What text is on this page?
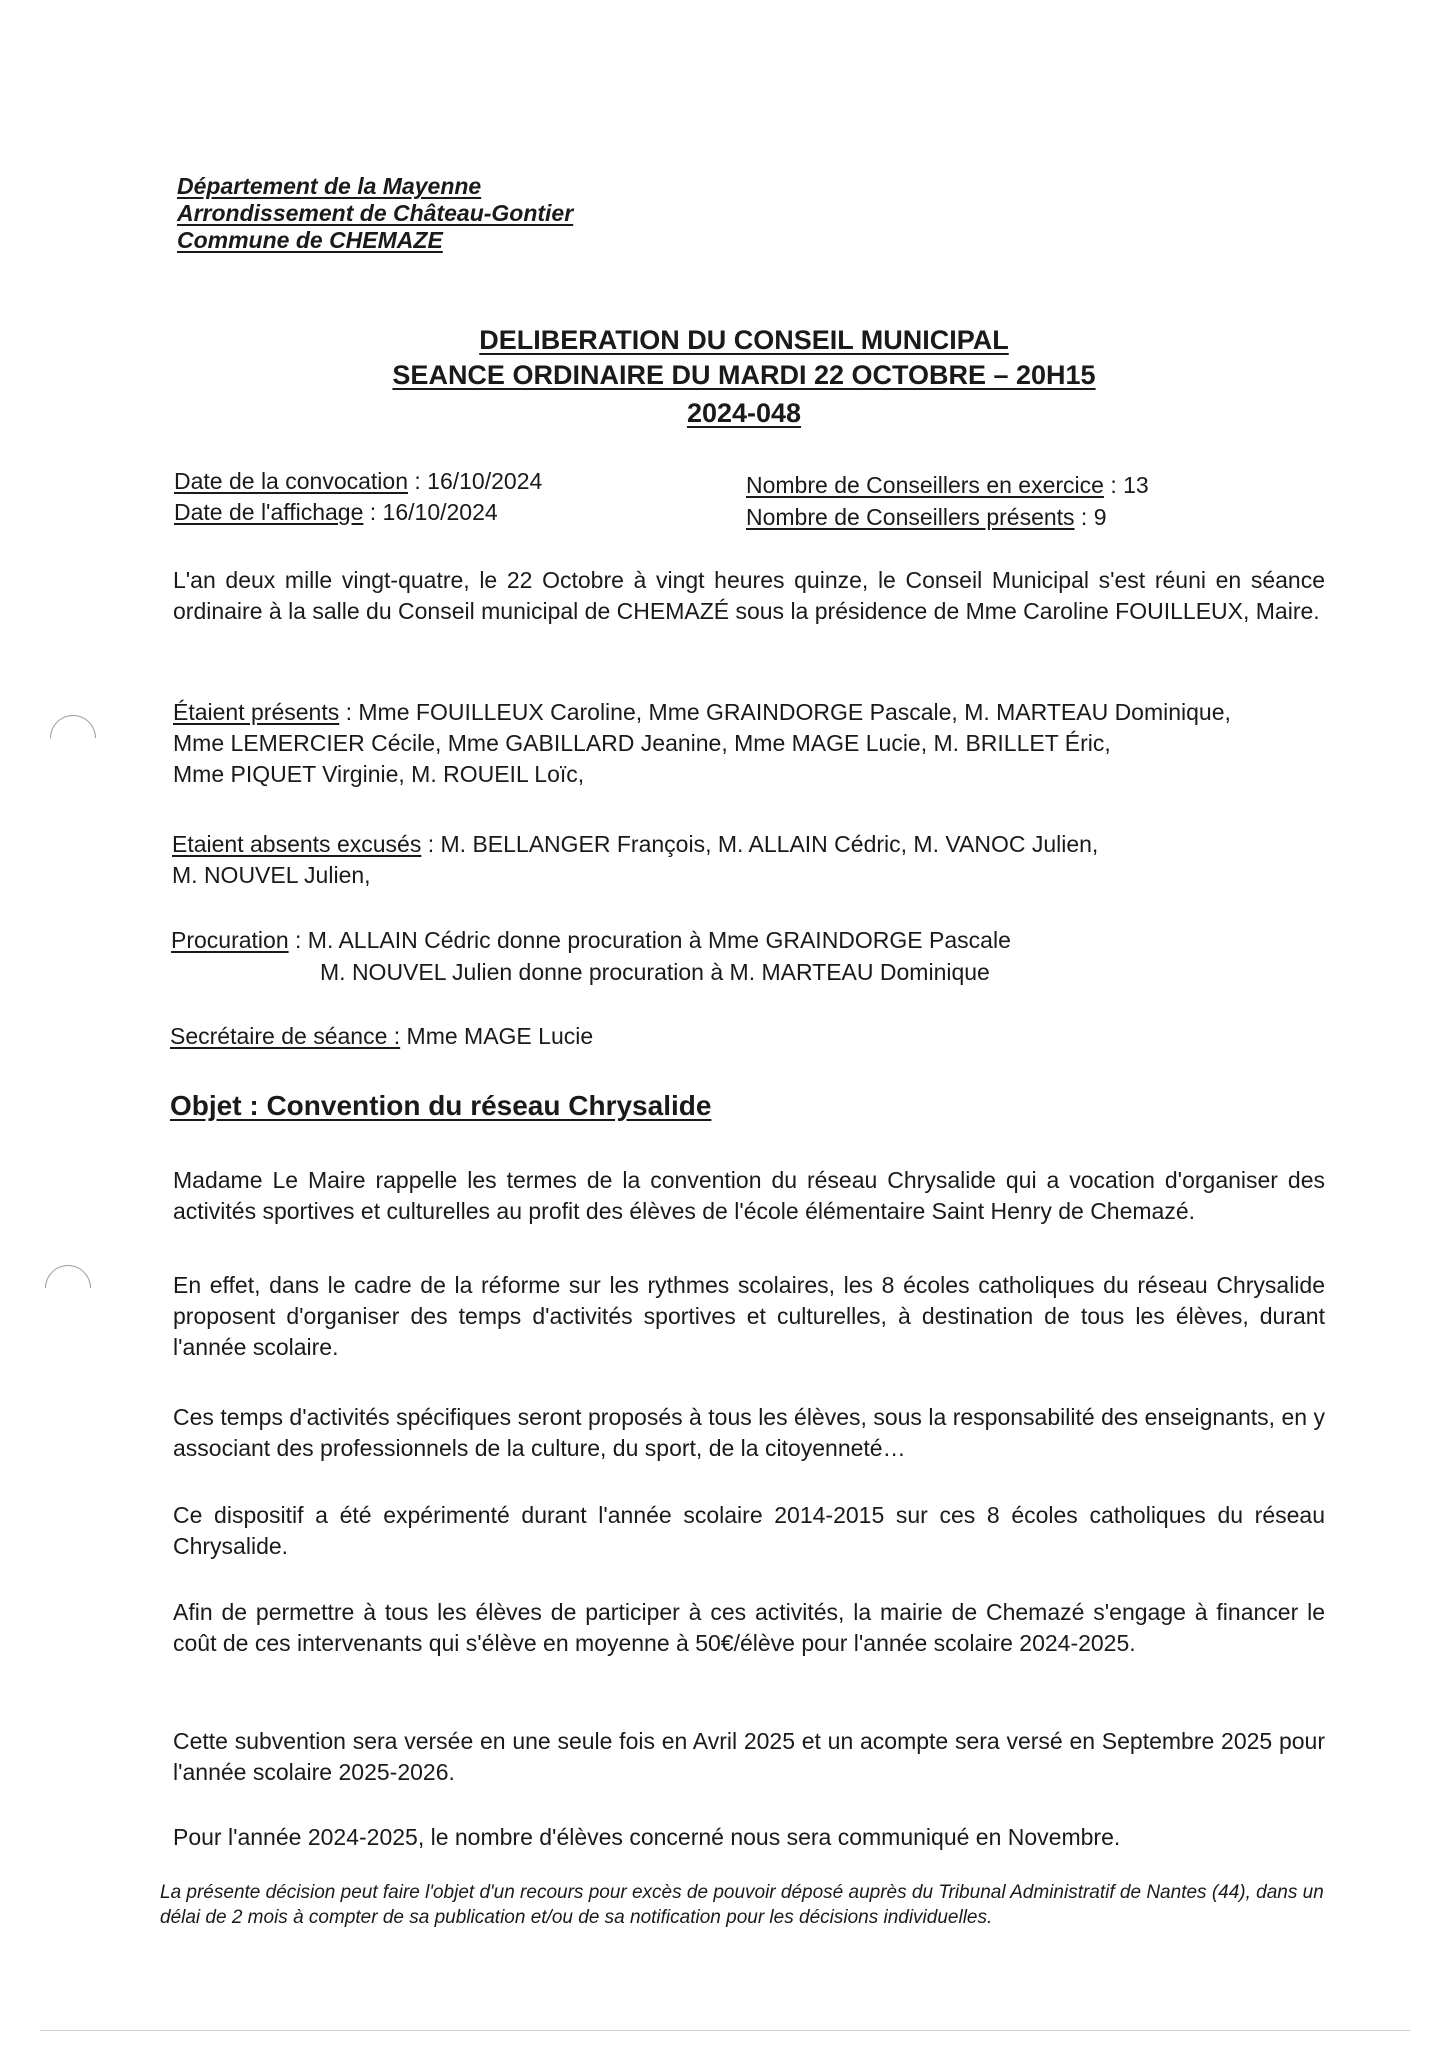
Département de la Mayenne
Arrondissement de Château-Gontier
Commune de CHEMAZE
DELIBERATION DU CONSEIL MUNICIPAL
SEANCE ORDINAIRE DU MARDI 22 OCTOBRE – 20H15
2024-048
Date de la convocation : 16/10/2024
Date de l'affichage : 16/10/2024
Nombre de Conseillers en exercice : 13
Nombre de Conseillers présents : 9
L'an deux mille vingt-quatre, le 22 Octobre à vingt heures quinze, le Conseil Municipal s'est réuni en séance ordinaire à la salle du Conseil municipal de CHEMAZÉ sous la présidence de Mme Caroline FOUILLEUX, Maire.
Étaient présents : Mme FOUILLEUX Caroline, Mme GRAINDORGE Pascale, M. MARTEAU Dominique,
Mme LEMERCIER Cécile, Mme GABILLARD Jeanine, Mme MAGE Lucie, M. BRILLET Éric,
Mme PIQUET Virginie, M. ROUEIL Loïc,
Etaient absents excusés : M. BELLANGER François, M. ALLAIN Cédric, M. VANOC Julien,
M. NOUVEL Julien,
Procuration : M. ALLAIN Cédric donne procuration à Mme GRAINDORGE Pascale
M. NOUVEL Julien donne procuration à M. MARTEAU Dominique
Secrétaire de séance : Mme MAGE Lucie
Objet : Convention du réseau Chrysalide
Madame Le Maire rappelle les termes de la convention du réseau Chrysalide qui a vocation d'organiser des activités sportives et culturelles au profit des élèves de l'école élémentaire Saint Henry de Chemazé.
En effet, dans le cadre de la réforme sur les rythmes scolaires, les 8 écoles catholiques du réseau Chrysalide proposent d'organiser des temps d'activités sportives et culturelles, à destination de tous les élèves, durant l'année scolaire.
Ces temps d'activités spécifiques seront proposés à tous les élèves, sous la responsabilité des enseignants, en y associant des professionnels de la culture, du sport, de la citoyenneté…
Ce dispositif a été expérimenté durant l'année scolaire 2014-2015 sur ces 8 écoles catholiques du réseau Chrysalide.
Afin de permettre à tous les élèves de participer à ces activités, la mairie de Chemazé s'engage à financer le coût de ces intervenants qui s'élève en moyenne à 50€/élève pour l'année scolaire 2024-2025.
Cette subvention sera versée en une seule fois en Avril 2025 et un acompte sera versé en Septembre 2025 pour l'année scolaire 2025-2026.
Pour l'année 2024-2025, le nombre d'élèves concerné nous sera communiqué en Novembre.
La présente décision peut faire l'objet d'un recours pour excès de pouvoir déposé auprès du Tribunal Administratif de Nantes (44), dans un délai de 2 mois à compter de sa publication et/ou de sa notification pour les décisions individuelles.
